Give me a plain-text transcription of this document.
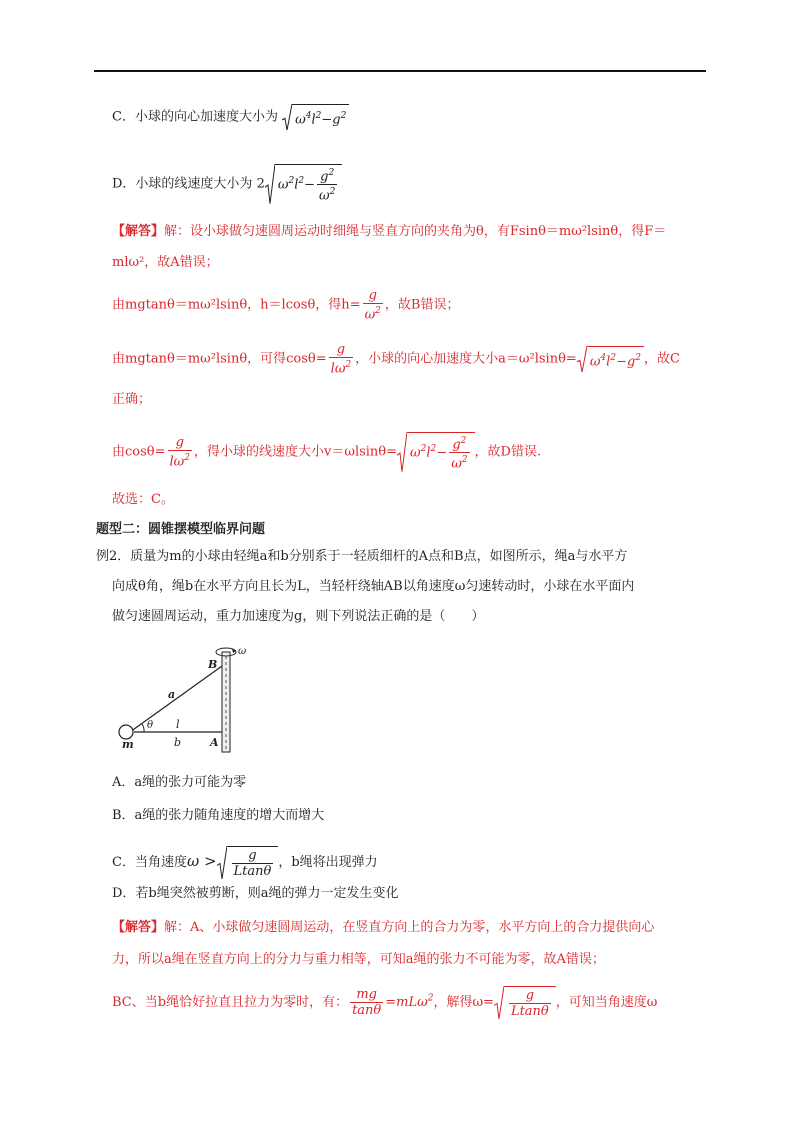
C．小球的向心加速度大小为 $\omega^4l^2-g^2$
D．小球的线速度大小为 2 $\omega^2l^2- \frac{g^2}{\omega^2}$
【解答】解：设小球做匀速圆周运动时细绳与竖直方向的夹角为θ，有Fsinθ＝mω²lsinθ，得F＝
mlω²，故A错误；
由mgtanθ＝mω²lsinθ，h＝lcosθ，得$h= \frac{g}{\omega^2}$ ，故B错误；
由mgtanθ＝mω²lsinθ，可得$\cos\theta= \frac{g}{l\omega^2}$ ，小球的向心加速度大小$a=\omega^2lsin\theta= \omega^4l^2-g^2$ ，故C
正确；
由$\cos\theta= \frac{g}{l\omega^2}$ ，得小球的线速度大小$v=\omega lsin\theta= \omega^2l^2- \frac{g^2}{\omega^2}$ ，故D错误.
故选：C。
题型二：圆锥摆模型临界问题
例2．质量为m的小球由轻绳a和b分别系于一轻质细杆的A点和B点，如图所示，绳a与水平方
向成θ角，绳b在水平方向且长为L，当轻杆绕轴AB以角速度ω匀速转动时，小球在水平面内
做匀速圆周运动，重力加速度为g，则下列说法正确的是（　　）
B
ω
a
θ l
m	b	A
A．a绳的张力可能为零
B．a绳的张力随角速度的增大而增大
C．当角速度$\omega > \frac{g}{Ltan\theta}$ ，b绳将出现弹力
D．若b绳突然被剪断，则a绳的弹力一定发生变化
【解答】解：A、小球做匀速圆周运动，在竖直方向上的合力为零，水平方向上的合力提供向心
力，所以a绳在竖直方向上的分力与重力相等，可知a绳的张力不可能为零，故A错误；
BC、当b绳恰好拉直且拉力为零时，有： $\frac{mg}{\tan\theta} =mL\omega^2$，解得$\omega= \frac{g}{Ltan\theta}$ ，可知当角速度ω
